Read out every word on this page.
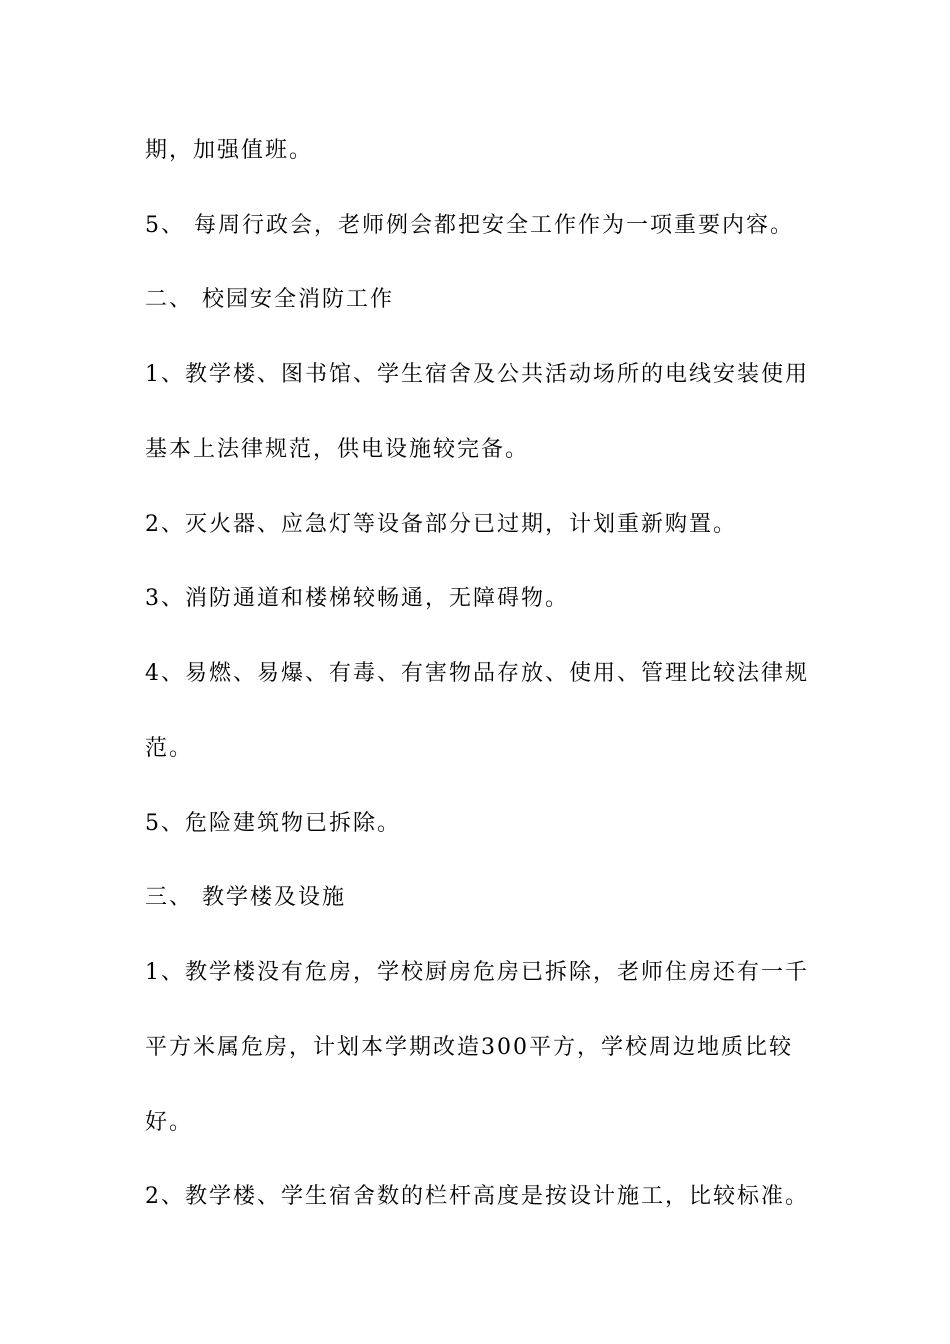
期，加强值班。
5、 每周行政会，老师例会都把安全工作作为一项重要内容。
二、 校园安全消防工作
1、教学楼、图书馆、学生宿舍及公共活动场所的电线安装使用
基本上法律规范，供电设施较完备。
2、灭火器、应急灯等设备部分已过期，计划重新购置。
3、消防通道和楼梯较畅通，无障碍物。
4、易燃、易爆、有毒、有害物品存放、使用、管理比较法律规
范。
5、危险建筑物已拆除。
三、 教学楼及设施
1、教学楼没有危房，学校厨房危房已拆除，老师住房还有一千
平方米属危房，计划本学期改造300平方，学校周边地质比较
好。
2、教学楼、学生宿舍数的栏杆高度是按设计施工，比较标准。
